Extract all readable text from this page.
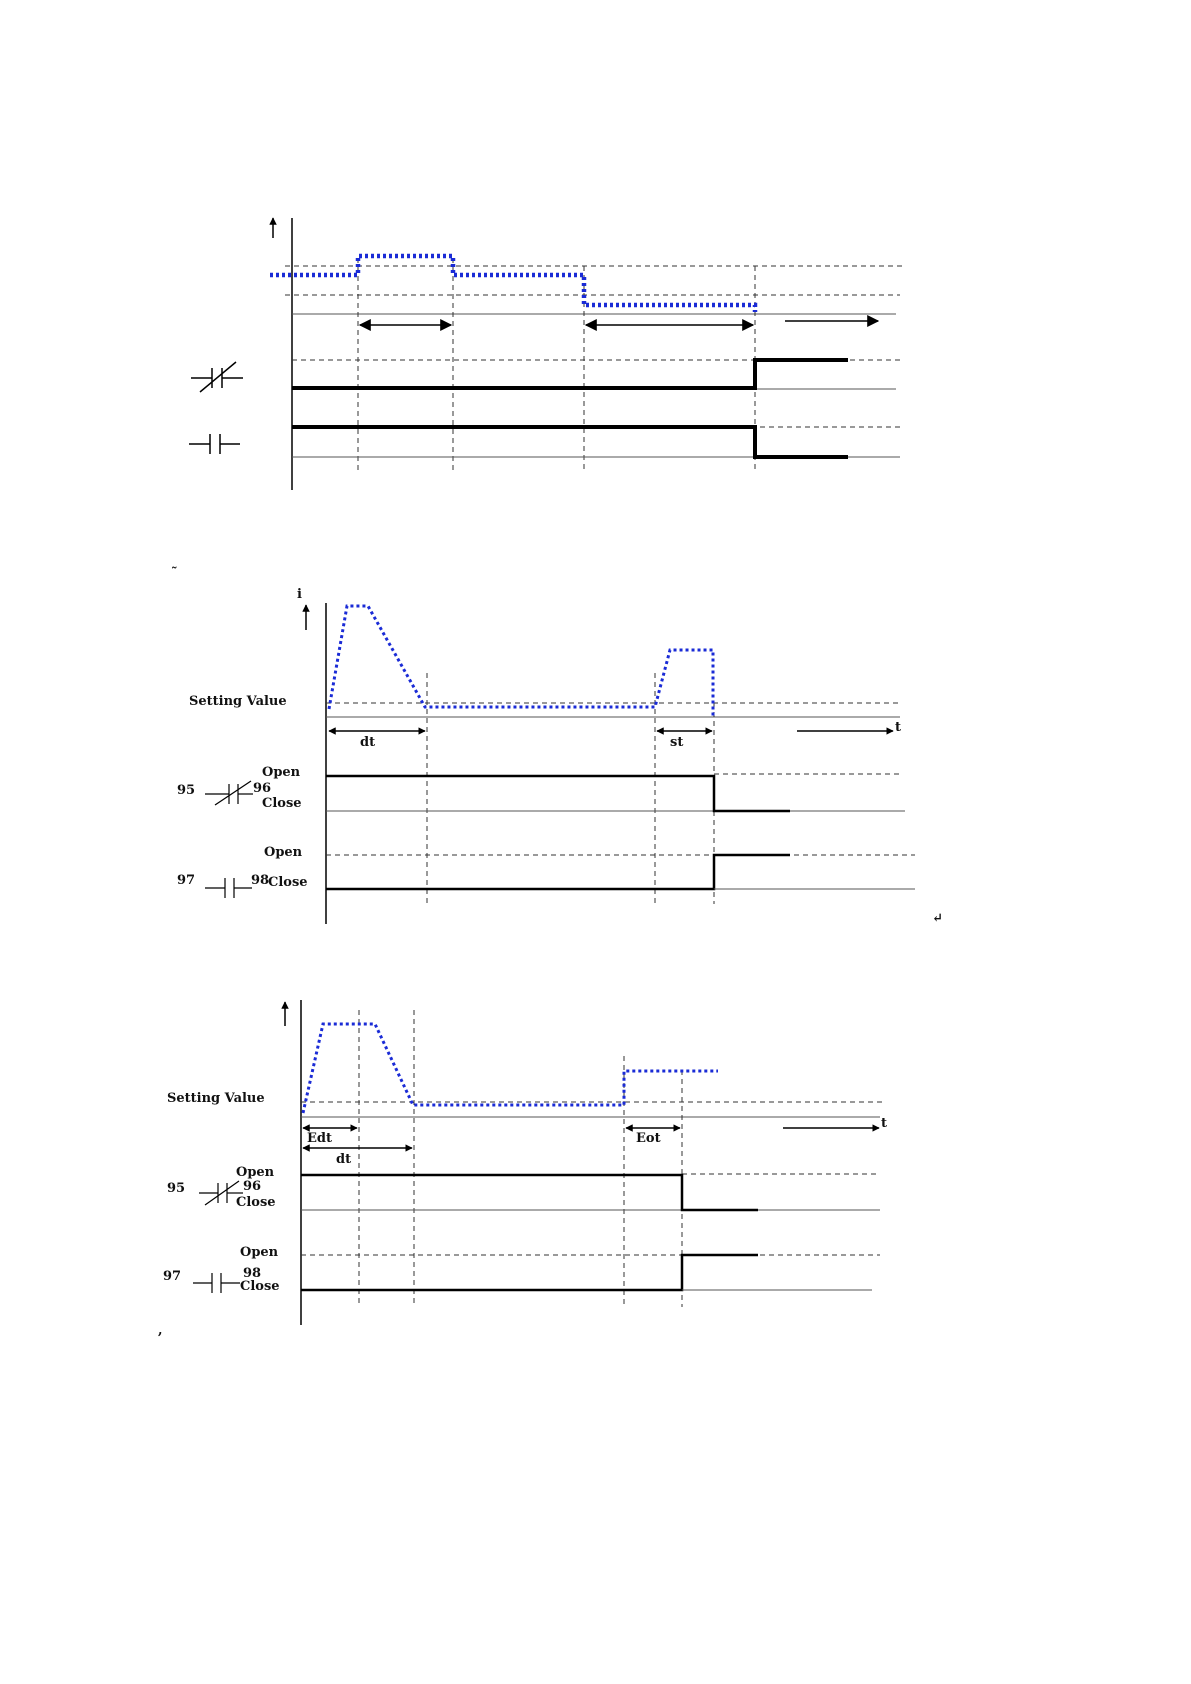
˜
i
Setting Value
dt	st
t
Open
95	96
Close
Open
97	98
Close
↵
Setting Value
Edt
dt
Eot
t
Open
95	96
Close
Open
97	98
Close
,
